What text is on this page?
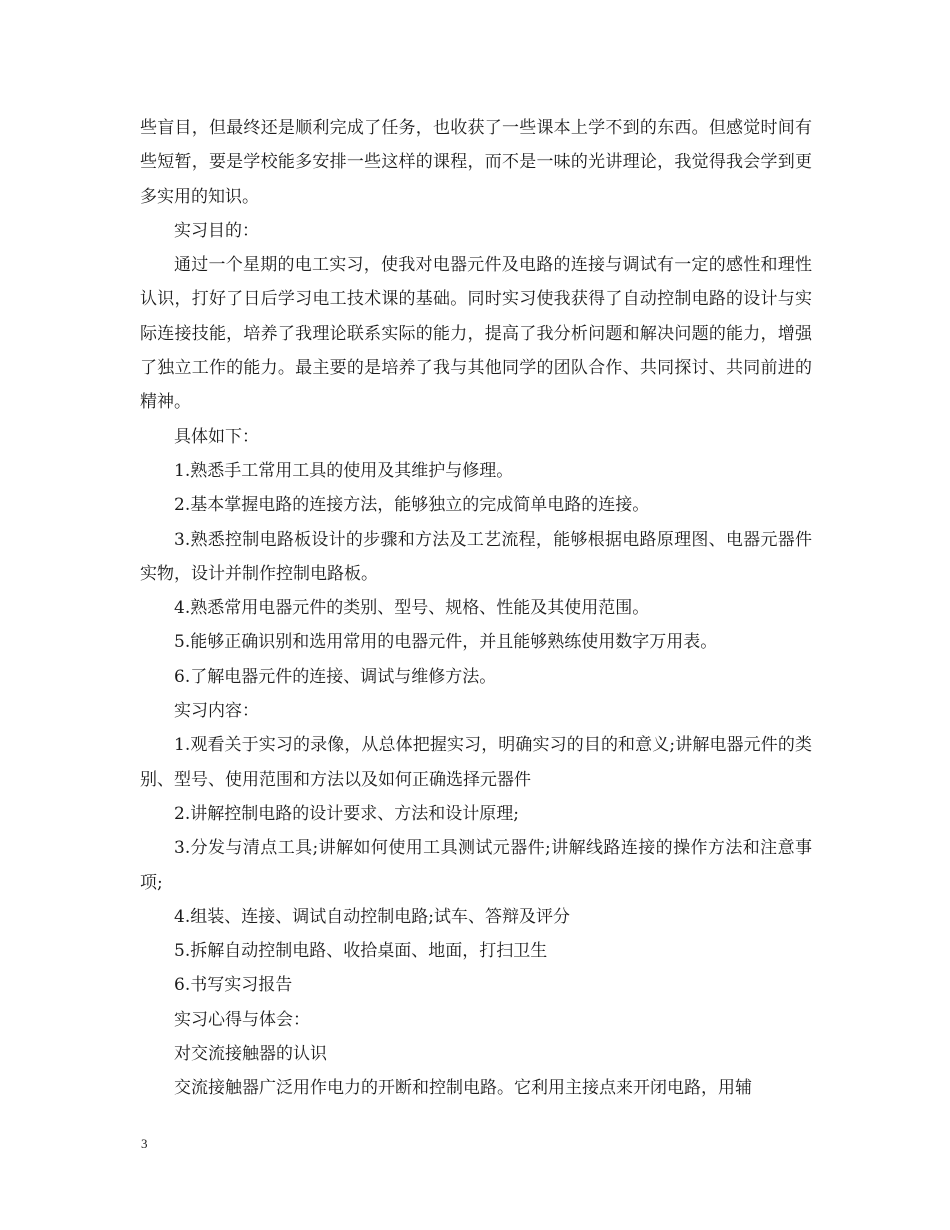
些盲目，但最终还是顺利完成了任务，也收获了一些课本上学不到的东西。但感觉时间有些短暂，要是学校能多安排一些这样的课程，而不是一味的光讲理论，我觉得我会学到更多实用的知识。

实习目的：

通过一个星期的电工实习，使我对电器元件及电路的连接与调试有一定的感性和理性认识，打好了日后学习电工技术课的基础。同时实习使我获得了自动控制电路的设计与实际连接技能，培养了我理论联系实际的能力，提高了我分析问题和解决问题的能力，增强了独立工作的能力。最主要的是培养了我与其他同学的团队合作、共同探讨、共同前进的精神。

具体如下：

1.熟悉手工常用工具的使用及其维护与修理。

2.基本掌握电路的连接方法，能够独立的完成简单电路的连接。

3.熟悉控制电路板设计的步骤和方法及工艺流程，能够根据电路原理图、电器元器件实物，设计并制作控制电路板。

4.熟悉常用电器元件的类别、型号、规格、性能及其使用范围。

5.能够正确识别和选用常用的电器元件，并且能够熟练使用数字万用表。

6.了解电器元件的连接、调试与维修方法。

实习内容：

1.观看关于实习的录像，从总体把握实习，明确实习的目的和意义;讲解电器元件的类别、型号、使用范围和方法以及如何正确选择元器件

2.讲解控制电路的设计要求、方法和设计原理;

3.分发与清点工具;讲解如何使用工具测试元器件;讲解线路连接的操作方法和注意事项;

4.组装、连接、调试自动控制电路;试车、答辩及评分

5.拆解自动控制电路、收拾桌面、地面，打扫卫生

6.书写实习报告

实习心得与体会：

对交流接触器的认识

交流接触器广泛用作电力的开断和控制电路。它利用主接点来开闭电路，用辅

3
